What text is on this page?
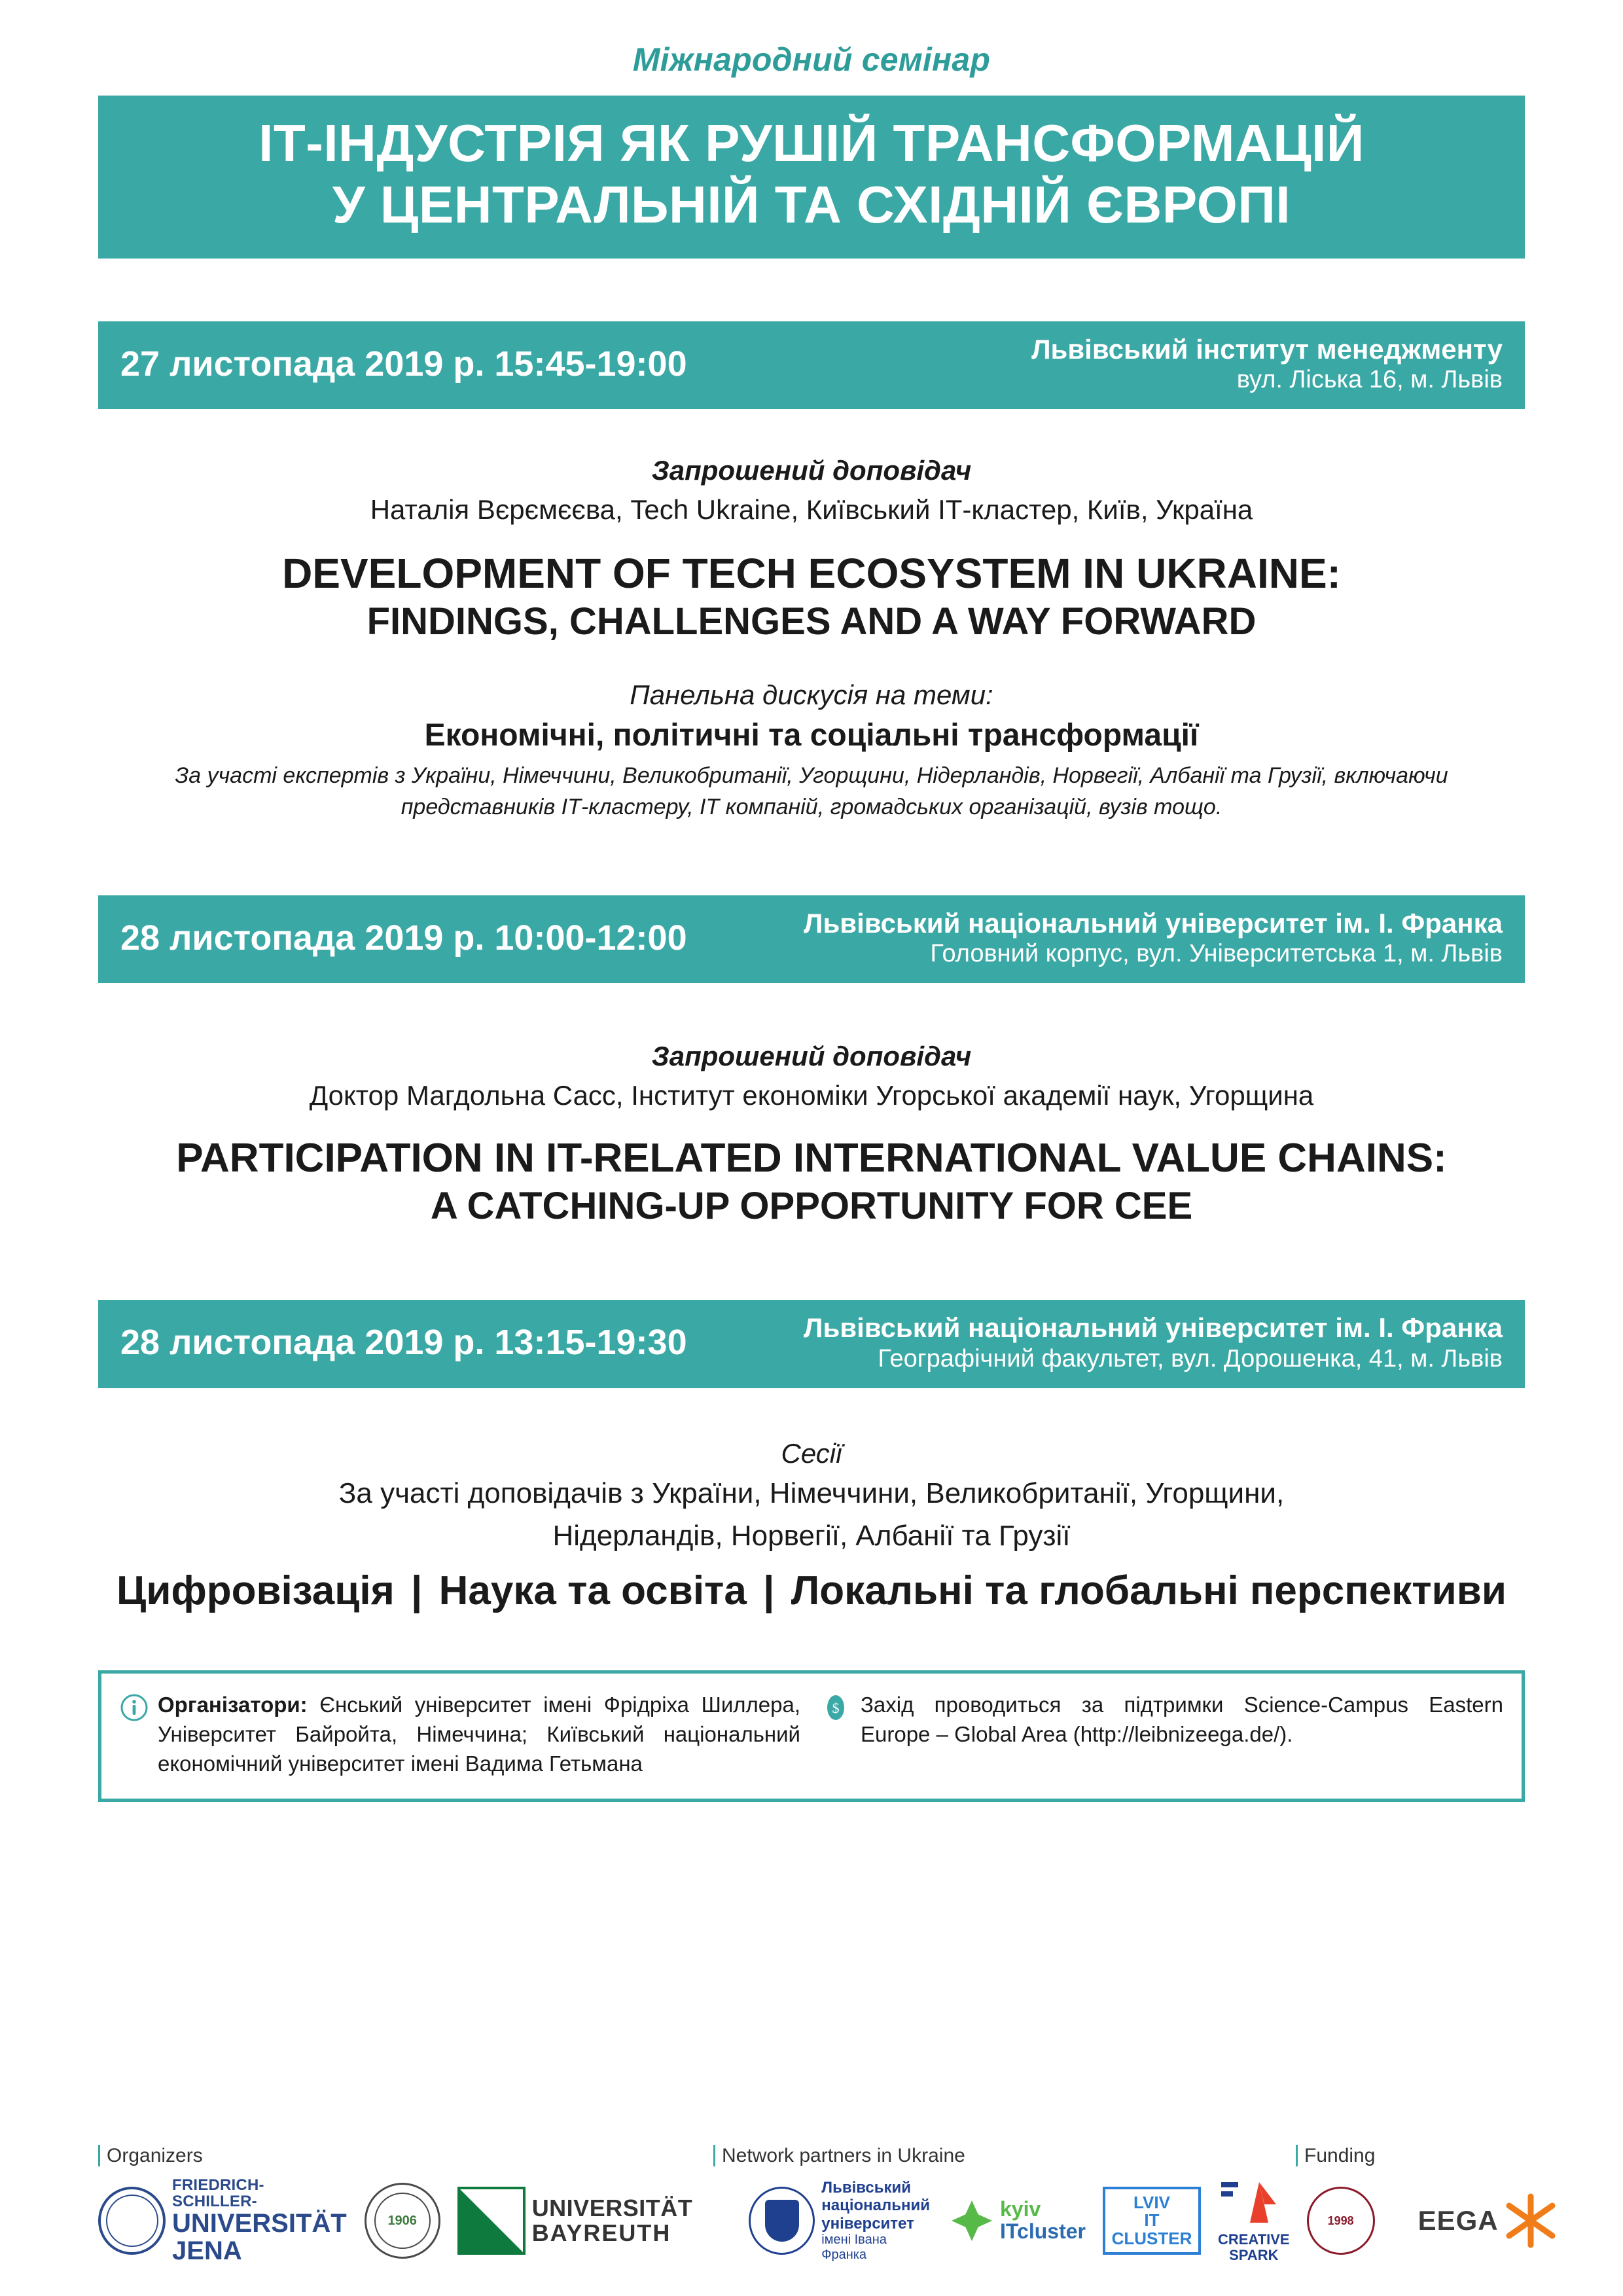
Міжнародний семінар
ІТ-ІНДУСТРІЯ ЯК РУШІЙ ТРАНСФОРМАЦІЙ
У ЦЕНТРАЛЬНІЙ ТА СХІДНІЙ ЄВРОПІ
27 листопада 2019 р. 15:45-19:00	Львівський інститут менеджменту
вул. Ліська 16, м. Львів
Запрошений доповідач
Наталія Вєрємєєва, Tech Ukraine, Київський ІТ-кластер, Київ, Україна
DEVELOPMENT OF TECH ECOSYSTEM IN UKRAINE:
FINDINGS, CHALLENGES AND A WAY FORWARD
Панельна дискусія на теми:
Економічні, політичні та соціальні трансформації
За участі експертів з України, Німеччини, Великобританії, Угорщини, Нідерландів, Норвегії, Албанії та Грузії, включаючи
представників ІТ-кластеру, ІТ компаній, громадських організацій, вузів тощо.
28 листопада 2019 р. 10:00-12:00	Львівський національний університет ім. І. Франка
Головний корпус, вул. Університетська 1, м. Львів
Запрошений доповідач
Доктор Магдольна Сасс, Інститут економіки Угорської академії наук, Угорщина
PARTICIPATION IN IT-RELATED INTERNATIONAL VALUE CHAINS:
A CATCHING-UP OPPORTUNITY FOR CEE
28 листопада 2019 р. 13:15-19:30	Львівський національний університет ім. І. Франка
Географічний факультет, вул. Дорошенка, 41, м. Львів
Сесії
За участі доповідачів з України, Німеччини, Великобританії, Угорщини,
Нідерландів, Норвегії, Албанії та Грузії
Цифровізація | Наука та освіта | Локальні та глобальні перспективи
Організатори: Єнський університет імені Фрідріха Шиллера, Університет Байройта, Німеччина; Київський національний економічний університет імені Вадима Гетьмана
$ Захід проводиться за підтримки Science-Campus Eastern Europe – Global Area (http://leibnizeega.de/).
Organizers	Network partners in Ukraine	Funding
FRIEDRICH-SCHILLER-
UNIVERSITÄT
JENA
1906	UNIVERSITÄT
BAYREUTH
Львівський
національний
університет
імені Івана Франка
kyiv
ITcluster
LVIV
IT
CLUSTER CREATIVE
SPARK
1998	EEGA
